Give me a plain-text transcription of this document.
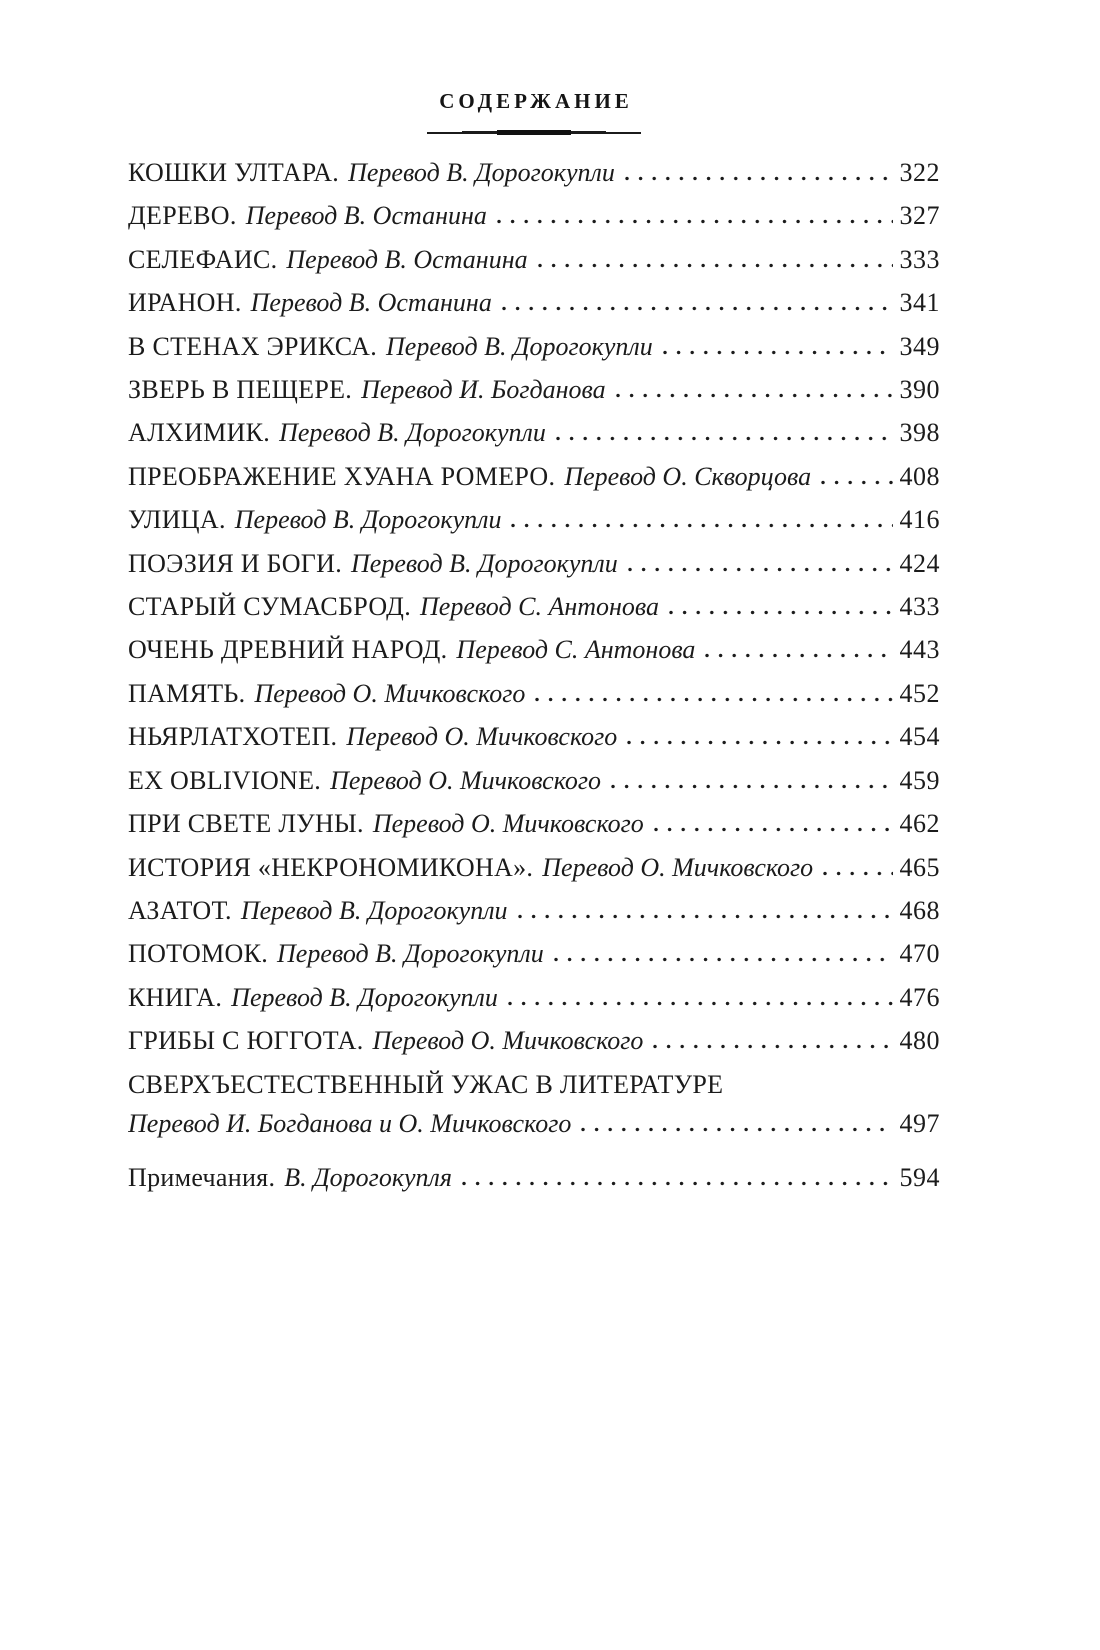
СОДЕРЖАНИЕ
КОШКИ УЛТАРА. Перевод В. Дорогокупли	322
ДЕРЕВО. Перевод В. Останина	327
СЕЛЕФАИС. Перевод В. Останина	333
ИРАНОН. Перевод В. Останина	341
В СТЕНАХ ЭРИКСА. Перевод В. Дорогокупли	349
ЗВЕРЬ В ПЕЩЕРЕ. Перевод И. Богданова	390
АЛХИМИК. Перевод В. Дорогокупли	398
ПРЕОБРАЖЕНИЕ ХУАНА РОМЕРО. Перевод О. Скворцова	408
УЛИЦА. Перевод В. Дорогокупли	416
ПОЭЗИЯ И БОГИ. Перевод В. Дорогокупли	424
СТАРЫЙ СУМАСБРОД. Перевод С. Антонова	433
ОЧЕНЬ ДРЕВНИЙ НАРОД. Перевод С. Антонова	443
ПАМЯТЬ. Перевод О. Мичковского	452
НЬЯРЛАТХОТЕП. Перевод О. Мичковского	454
EX OBLIVIONE. Перевод О. Мичковского	459
ПРИ СВЕТЕ ЛУНЫ. Перевод О. Мичковского	462
ИСТОРИЯ «НЕКРОНОМИКОНА». Перевод О. Мичковского	465
АЗАТОТ. Перевод В. Дорогокупли	468
ПОТОМОК. Перевод В. Дорогокупли	470
КНИГА. Перевод В. Дорогокупли	476
ГРИБЫ С ЮГГОТА. Перевод О. Мичковского	480
СВЕРХЪЕСТЕСТВЕННЫЙ УЖАС В ЛИТЕРАТУРЕ
Перевод И. Богданова и О. Мичковского	497
Примечания. В. Дорогокупля	594
